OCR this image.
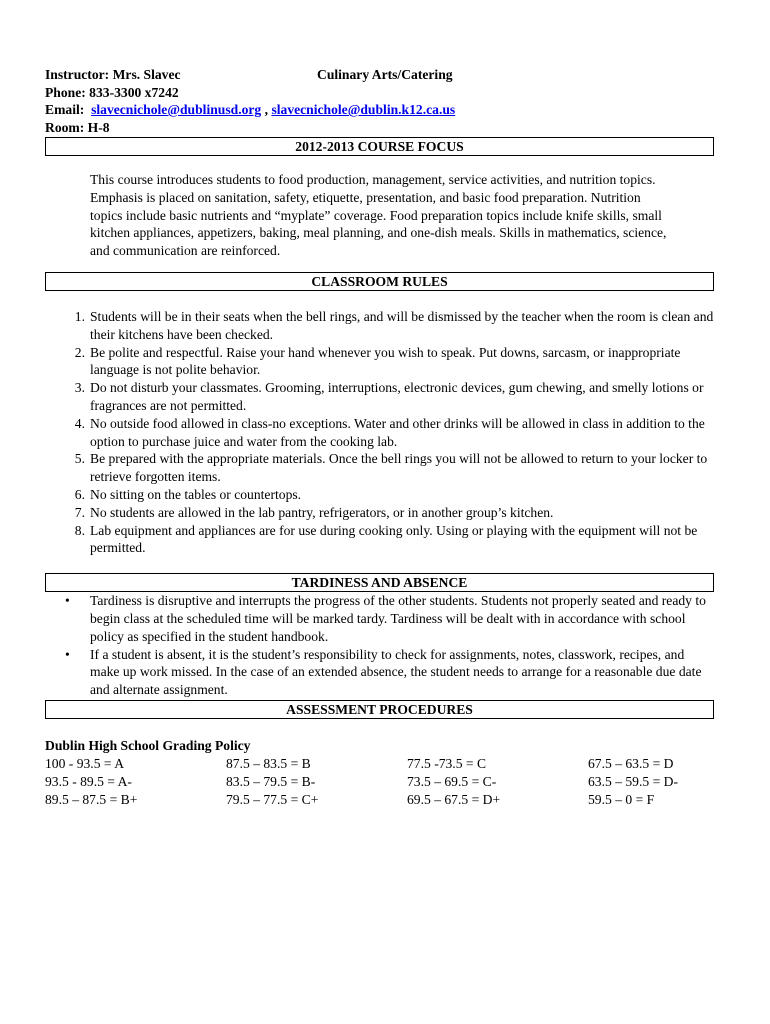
Instructor: Mrs. Slavec	Culinary Arts/Catering
Phone: 833-3300 x7242
Email: slavecnichole@dublinusd.org , slavecnichole@dublin.k12.ca.us
Room: H-8
2012-2013 COURSE FOCUS

This course introduces students to food production, management, service activities, and nutrition topics. Emphasis is placed on sanitation, safety, etiquette, presentation, and basic food preparation. Nutrition topics include basic nutrients and “myplate” coverage. Food preparation topics include knife skills, small kitchen appliances, appetizers, baking, meal planning, and one-dish meals. Skills in mathematics, science, and communication are reinforced.

CLASSROOM RULES
1. Students will be in their seats when the bell rings, and will be dismissed by the teacher when the room is clean and their kitchens have been checked.
2. Be polite and respectful. Raise your hand whenever you wish to speak. Put downs, sarcasm, or inappropriate language is not polite behavior.
3. Do not disturb your classmates. Grooming, interruptions, electronic devices, gum chewing, and smelly lotions or fragrances are not permitted.
4. No outside food allowed in class-no exceptions. Water and other drinks will be allowed in class in addition to the option to purchase juice and water from the cooking lab.
5. Be prepared with the appropriate materials. Once the bell rings you will not be allowed to return to your locker to retrieve forgotten items.
6. No sitting on the tables or countertops.
7. No students are allowed in the lab pantry, refrigerators, or in another group’s kitchen.
8. Lab equipment and appliances are for use during cooking only. Using or playing with the equipment will not be permitted.
TARDINESS AND ABSENCE
• Tardiness is disruptive and interrupts the progress of the other students. Students not properly seated and ready to begin class at the scheduled time will be marked tardy. Tardiness will be dealt with in accordance with school policy as specified in the student handbook.
• If a student is absent, it is the student’s responsibility to check for assignments, notes, classwork, recipes, and make up work missed. In the case of an extended absence, the student needs to arrange for a reasonable due date and alternate assignment.
ASSESSMENT PROCEDURES
Dublin High School Grading Policy
100 - 93.5 = A	87.5 – 83.5 = B	77.5 -73.5 = C	67.5 – 63.5 = D
93.5 - 89.5 = A-	83.5 – 79.5 = B-	73.5 – 69.5 = C-	63.5 – 59.5 = D-
89.5 – 87.5 = B+	79.5 – 77.5 = C+	69.5 – 67.5 = D+	59.5 – 0 = F
